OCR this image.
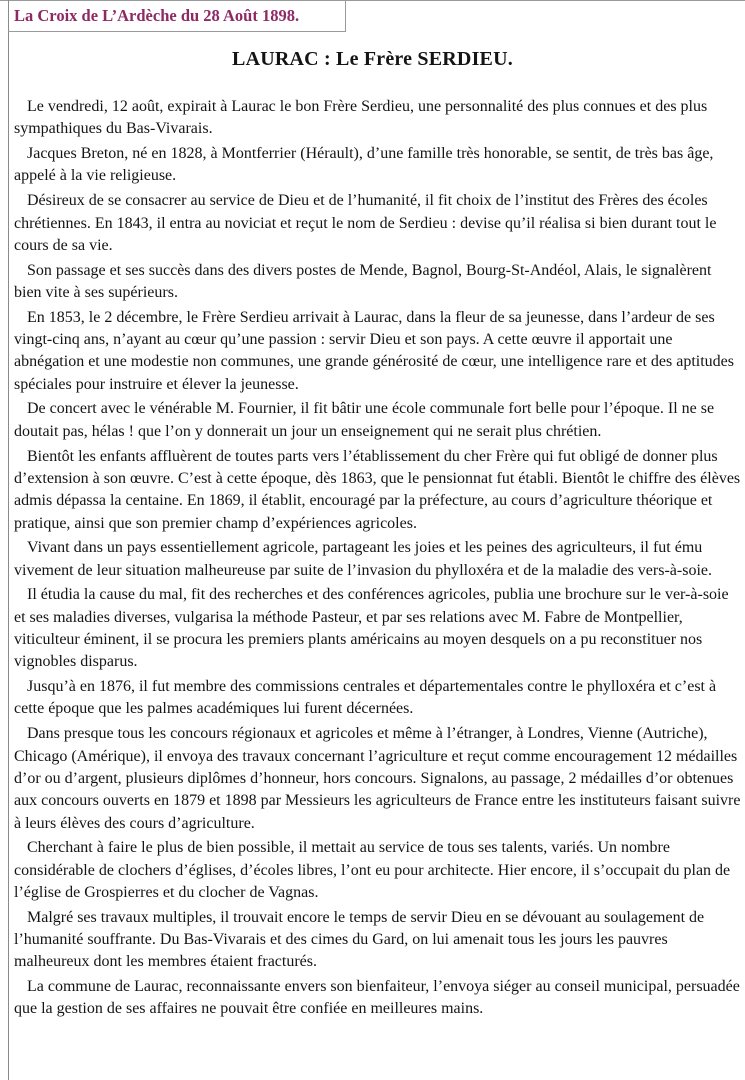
La Croix de L’Ardèche du 28 Août 1898.
LAURAC : Le Frère SERDIEU.

Le vendredi, 12 août, expirait à Laurac le bon Frère Serdieu, une personnalité des plus connues et des plus sympathiques du Bas-Vivarais.

Jacques Breton, né en 1828, à Montferrier (Hérault), d’une famille très honorable, se sentit, de très bas âge, appelé à la vie religieuse.

Désireux de se consacrer au service de Dieu et de l’humanité, il fit choix de l’institut des Frères des écoles chrétiennes. En 1843, il entra au noviciat et reçut le nom de Serdieu : devise qu’il réalisa si bien durant tout le cours de sa vie.

Son passage et ses succès dans des divers postes de Mende, Bagnol, Bourg-St-Andéol, Alais, le signalèrent bien vite à ses supérieurs.

En 1853, le 2 décembre, le Frère Serdieu arrivait à Laurac, dans la fleur de sa jeunesse, dans l’ardeur de ses vingt-cinq ans, n’ayant au cœur qu’une passion : servir Dieu et son pays. A cette œuvre il apportait une abnégation et une modestie non communes, une grande générosité de cœur, une intelligence rare et des aptitudes spéciales pour instruire et élever la jeunesse.

De concert avec le vénérable M. Fournier, il fit bâtir une école communale fort belle pour l’époque. Il ne se doutait pas, hélas ! que l’on y donnerait un jour un enseignement qui ne serait plus chrétien.

Bientôt les enfants affluèrent de toutes parts vers l’établissement du cher Frère qui fut obligé de donner plus d’extension à son œuvre. C’est à cette époque, dès 1863, que le pensionnat fut établi. Bientôt le chiffre des élèves admis dépassa la centaine. En 1869, il établit, encouragé par la préfecture, au cours d’agriculture théorique et pratique, ainsi que son premier champ d’expériences agricoles.

Vivant dans un pays essentiellement agricole, partageant les joies et les peines des agriculteurs, il fut ému vivement de leur situation malheureuse par suite de l’invasion du phylloxéra et de la maladie des vers-à-soie.

Il étudia la cause du mal, fit des recherches et des conférences agricoles, publia une brochure sur le ver-à-soie et ses maladies diverses, vulgarisa la méthode Pasteur, et par ses relations avec M. Fabre de Montpellier, viticulteur éminent, il se procura les premiers plants américains au moyen desquels on a pu reconstituer nos vignobles disparus.

Jusqu’à en 1876, il fut membre des commissions centrales et départementales contre le phylloxéra et c’est à cette époque que les palmes académiques lui furent décernées.

Dans presque tous les concours régionaux et agricoles et même à l’étranger, à Londres, Vienne (Autriche), Chicago (Amérique), il envoya des travaux concernant l’agriculture et reçut comme encouragement 12 médailles d’or ou d’argent, plusieurs diplômes d’honneur, hors concours. Signalons, au passage, 2 médailles d’or obtenues aux concours ouverts en 1879 et 1898 par Messieurs les agriculteurs de France entre les instituteurs faisant suivre à leurs élèves des cours d’agriculture.

Cherchant à faire le plus de bien possible, il mettait au service de tous ses talents, variés. Un nombre considérable de clochers d’églises, d’écoles libres, l’ont eu pour architecte. Hier encore, il s’occupait du plan de l’église de Grospierres et du clocher de Vagnas.

Malgré ses travaux multiples, il trouvait encore le temps de servir Dieu en se dévouant au soulagement de l’humanité souffrante. Du Bas-Vivarais et des cimes du Gard, on lui amenait tous les jours les pauvres malheureux dont les membres étaient fracturés.

La commune de Laurac, reconnaissante envers son bienfaiteur, l’envoya siéger au conseil municipal, persuadée que la gestion de ses affaires ne pouvait être confiée en meilleures mains.
